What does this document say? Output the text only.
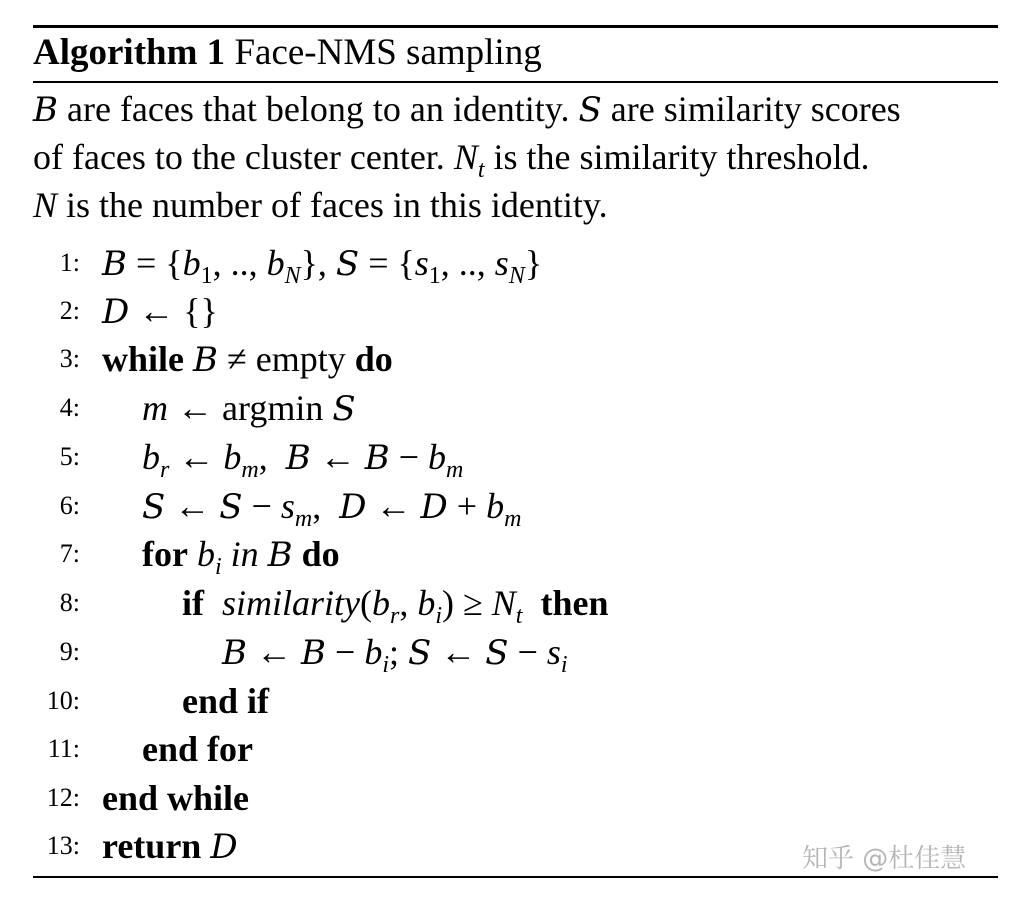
Algorithm 1 Face-NMS sampling
B are faces that belong to an identity. S are similarity scores
of faces to the cluster center. $N_t$ is the similarity threshold.
N is the number of faces in this identity.
1: $B = \{b_1$, .., $b_N$}, $S = \{s_1$, .., $s_N$}
2: D ← {}
3: while B ≠ empty do
4: m ← argmin S
5: $b_r$ ← $b_m$,  B ← $B - b_m$
6: S ← $S - s_m$,  D ← $D + b_m$
7: for $b_i$ in B do
8:	if $similarity(b_r$, $b_i) \ge N_t$ then
9:	B ← $B - b_i$; S ← $S - s_i$
10:	end if
11: end for
12: end while
13: return D	知乎 @杜佳慧
